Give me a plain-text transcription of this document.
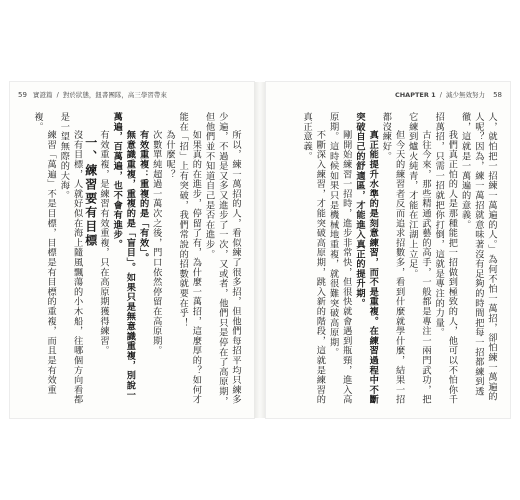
59 實證篇 / 對於狀態，鈕書團隊，高三學習帶來

所以，練一萬招的人，看似練了很多招，但他們每招平均只練多少遍，不過是又多又進步了一次，又或者，他們只是停在了高原期，但他們並不知道自己是否在進步。

如果真的在進步，停留了有，為什麼一萬招，這麼厚的？如何才能在「招」上有突破，我們常說的招數就要在乎！

為什麼呢？

次數單純超過一萬次之後，門口依然停留在高原期。

有效重複：重複的是「有效」。

無意識重複，重複的是「盲目」。如果只是無意識重複，別說一萬遍，百萬遍，也不會有進步。

有效重複，是練習有效重複，只在高原期獲得練習。

一、練習要有目標

沒有目標，人就好似在海上隨風飄蕩的小木船，往哪個方向看都是一望無際的大海。

練習「萬遍」不是目標，目標是有目標的重複，而且是有效重複。

CHAPTER 1 / 減少無效努力 58

人，就怕把一招練一萬遍的人。」為何不怕一萬招，卻怕練一萬遍的人呢？因為，練一萬招就意味著沒有足夠的時間把每一招都練到透徹，這就是一萬遍的意義。

我們真正怕的人是那種能把一招做到極致的人，他可以不怕你千招萬招，只需一招就把你打倒，這就是專注的力量。

古往今來，那些精通武藝的高手，一般都是專注一兩門武功，把它練到爐火純青，才能在江湖上立足。

但今天的練習者反而追求招數多，看到什麼就學什麼，結果一招都沒練好。

真正能提升水準的是刻意練習，而不是重複。在練習過程中不斷突破自己的舒適區，才能進入真正的提升期。

剛開始練習一招時，進步非常快，但很快就會遇到瓶頸，進入高原期。這時候如果只是機械地重複，就很難突破高原期。

不斷深入練習，才能突破高原期，跳入新的階段，這就是練習的真正意義。
